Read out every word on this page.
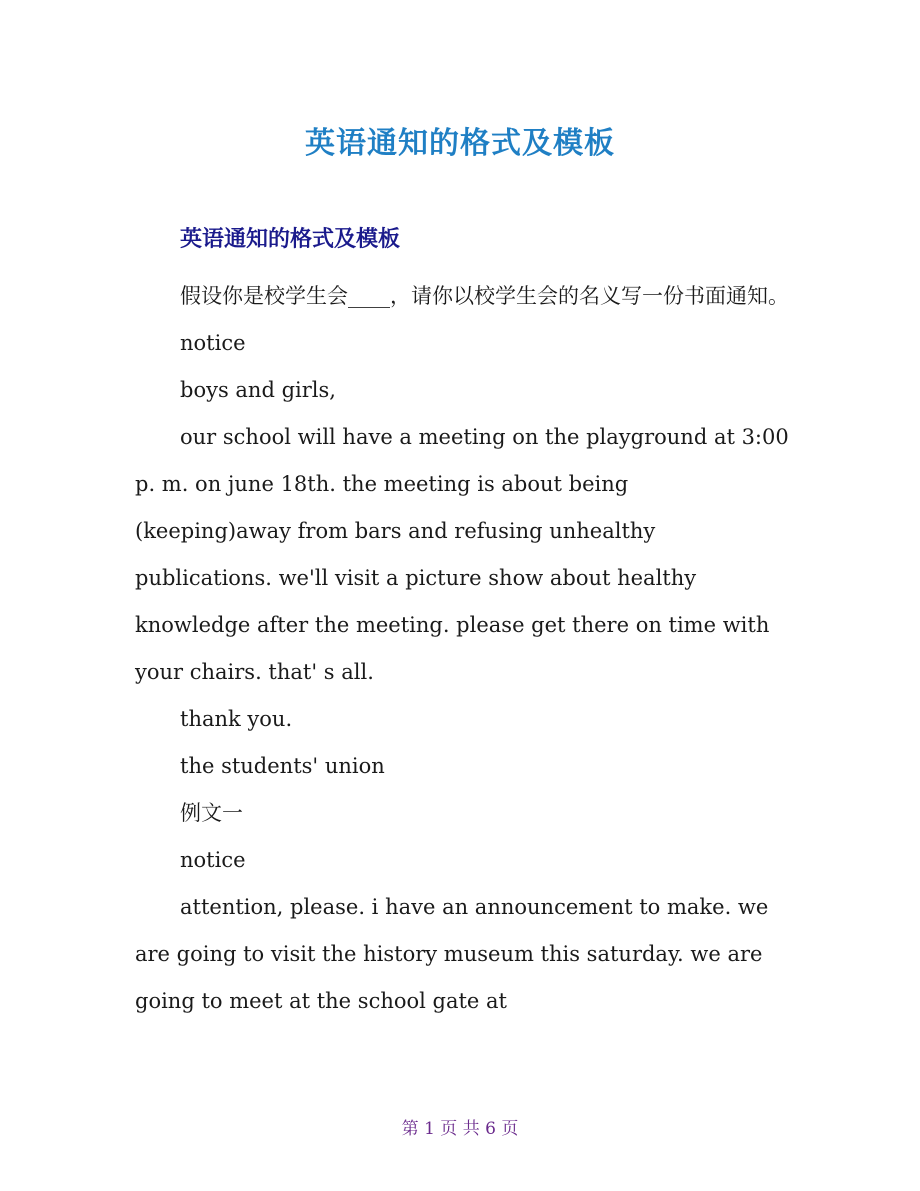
英语通知的格式及模板
英语通知的格式及模板

假设你是校学生会____，请你以校学生会的名义写一份书面通知。

notice

boys and girls,

our school will have a meeting on the playground at 3:00 p. m. on june 18th. the meeting is about being (keeping)away from bars and refusing unhealthy publications. we'll visit a picture show about healthy knowledge after the meeting. please get there on time with your chairs. that' s all.

thank you.

the students' union

例文一

notice

attention, please. i have an announcement to make. we are going to visit the history museum this saturday. we are going to meet at the school gate at

第 1 页 共 6 页
